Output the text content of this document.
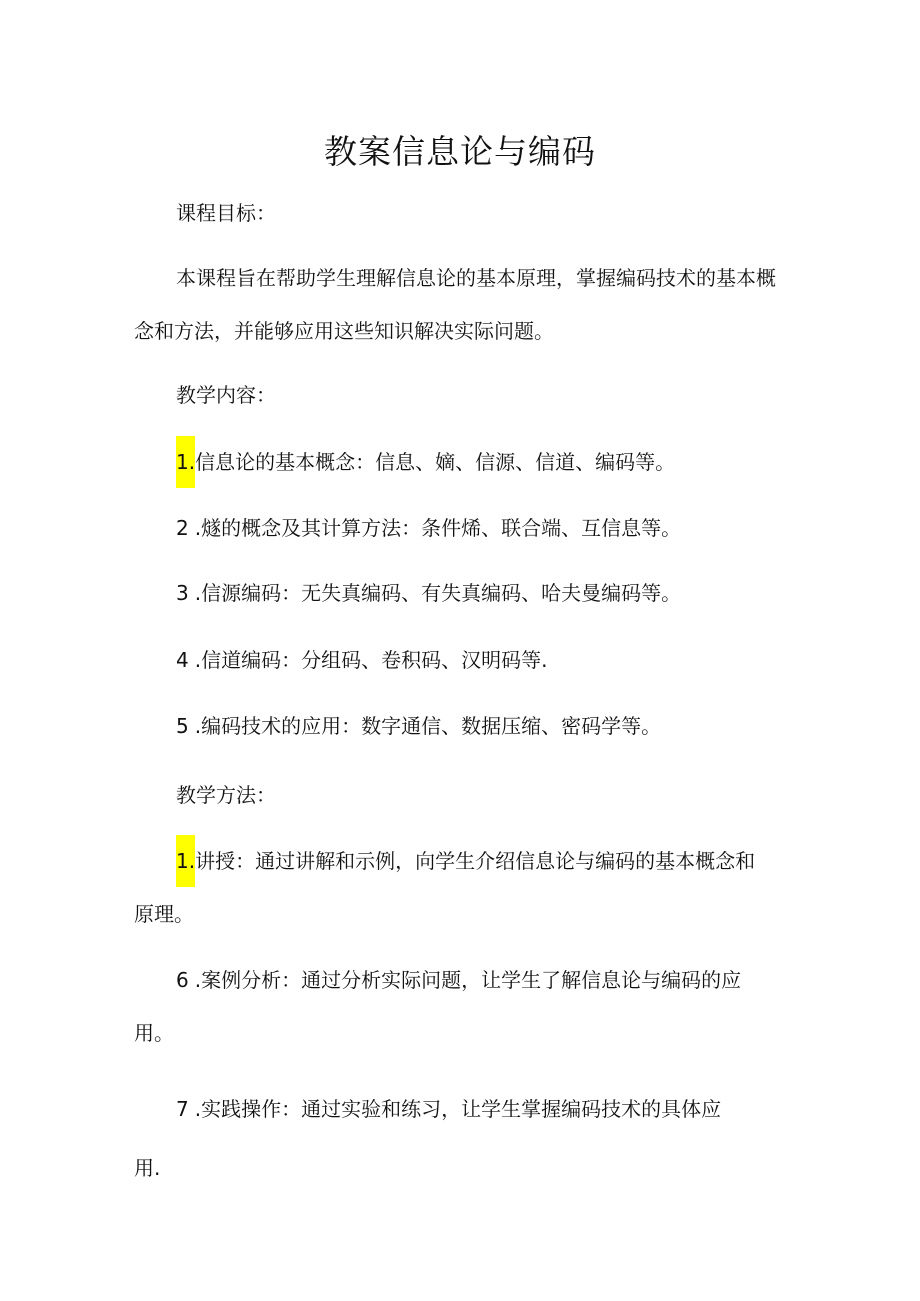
教案信息论与编码
课程目标：
本课程旨在帮助学生理解信息论的基本原理，掌握编码技术的基本概
念和方法，并能够应用这些知识解决实际问题。
教学内容：
1.信息论的基本概念：信息、嫡、信源、信道、编码等。
2.燧的概念及其计算方法：条件烯、联合端、互信息等。
3.信源编码：无失真编码、有失真编码、哈夫曼编码等。
4.信道编码：分组码、卷积码、汉明码等.
5.编码技术的应用：数字通信、数据压缩、密码学等。
教学方法：
1.讲授：通过讲解和示例，向学生介绍信息论与编码的基本概念和
原理。
6.案例分析：通过分析实际问题，让学生了解信息论与编码的应
用。
7.实践操作：通过实验和练习，让学生掌握编码技术的具体应
用.
